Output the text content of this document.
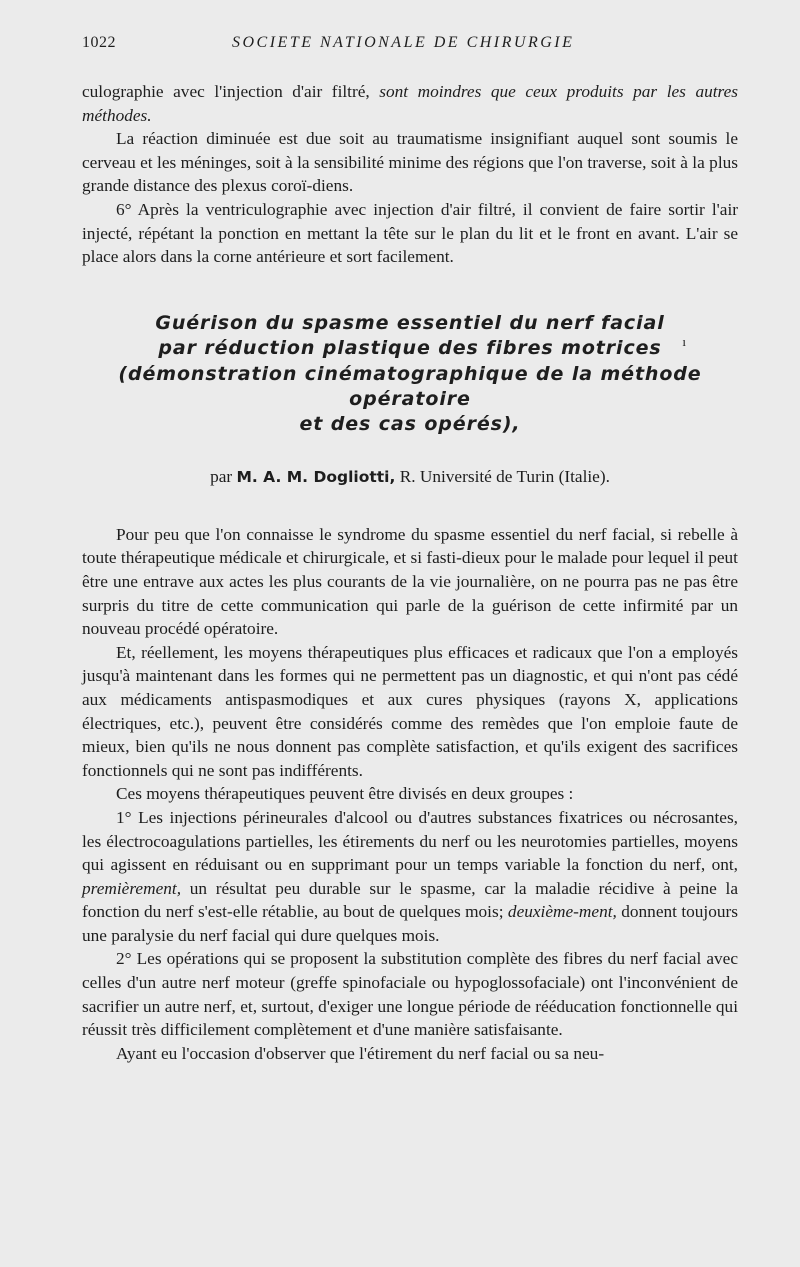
1022	SOCIETE NATIONALE DE CHIRURGIE

culographie avec l'injection d'air filtré, sont moindres que ceux produits par les autres méthodes.

La réaction diminuée est due soit au traumatisme insignifiant auquel sont soumis le cerveau et les méninges, soit à la sensibilité minime des régions que l'on traverse, soit à la plus grande distance des plexus coroï-diens.

6° Après la ventriculographie avec injection d'air filtré, il convient de faire sortir l'air injecté, répétant la ponction en mettant la tête sur le plan du lit et le front en avant. L'air se place alors dans la corne antérieure et sort facilement.

ı
Guérison du spasme essentiel du nerf facial
par réduction plastique des fibres motrices
(démonstration cinématographique de la méthode opératoire
et des cas opérés),
par M. A. M. Dogliotti, R. Université de Turin (Italie).

Pour peu que l'on connaisse le syndrome du spasme essentiel du nerf facial, si rebelle à toute thérapeutique médicale et chirurgicale, et si fasti-dieux pour le malade pour lequel il peut être une entrave aux actes les plus courants de la vie journalière, on ne pourra pas ne pas être surpris du titre de cette communication qui parle de la guérison de cette infirmité par un nouveau procédé opératoire.

Et, réellement, les moyens thérapeutiques plus efficaces et radicaux que l'on a employés jusqu'à maintenant dans les formes qui ne permettent pas un diagnostic, et qui n'ont pas cédé aux médicaments antispasmodiques et aux cures physiques (rayons X, applications électriques, etc.), peuvent être considérés comme des remèdes que l'on emploie faute de mieux, bien qu'ils ne nous donnent pas complète satisfaction, et qu'ils exigent des sacrifices fonctionnels qui ne sont pas indifférents.

Ces moyens thérapeutiques peuvent être divisés en deux groupes :

1° Les injections périneurales d'alcool ou d'autres substances fixatrices ou nécrosantes, les électrocoagulations partielles, les étirements du nerf ou les neurotomies partielles, moyens qui agissent en réduisant ou en supprimant pour un temps variable la fonction du nerf, ont, premièrement, un résultat peu durable sur le spasme, car la maladie récidive à peine la fonction du nerf s'est-elle rétablie, au bout de quelques mois; deuxième-ment, donnent toujours une paralysie du nerf facial qui dure quelques mois.

2° Les opérations qui se proposent la substitution complète des fibres du nerf facial avec celles d'un autre nerf moteur (greffe spinofaciale ou hypoglossofaciale) ont l'inconvénient de sacrifier un autre nerf, et, surtout, d'exiger une longue période de rééducation fonctionnelle qui réussit très difficilement complètement et d'une manière satisfaisante.

Ayant eu l'occasion d'observer que l'étirement du nerf facial ou sa neu-
